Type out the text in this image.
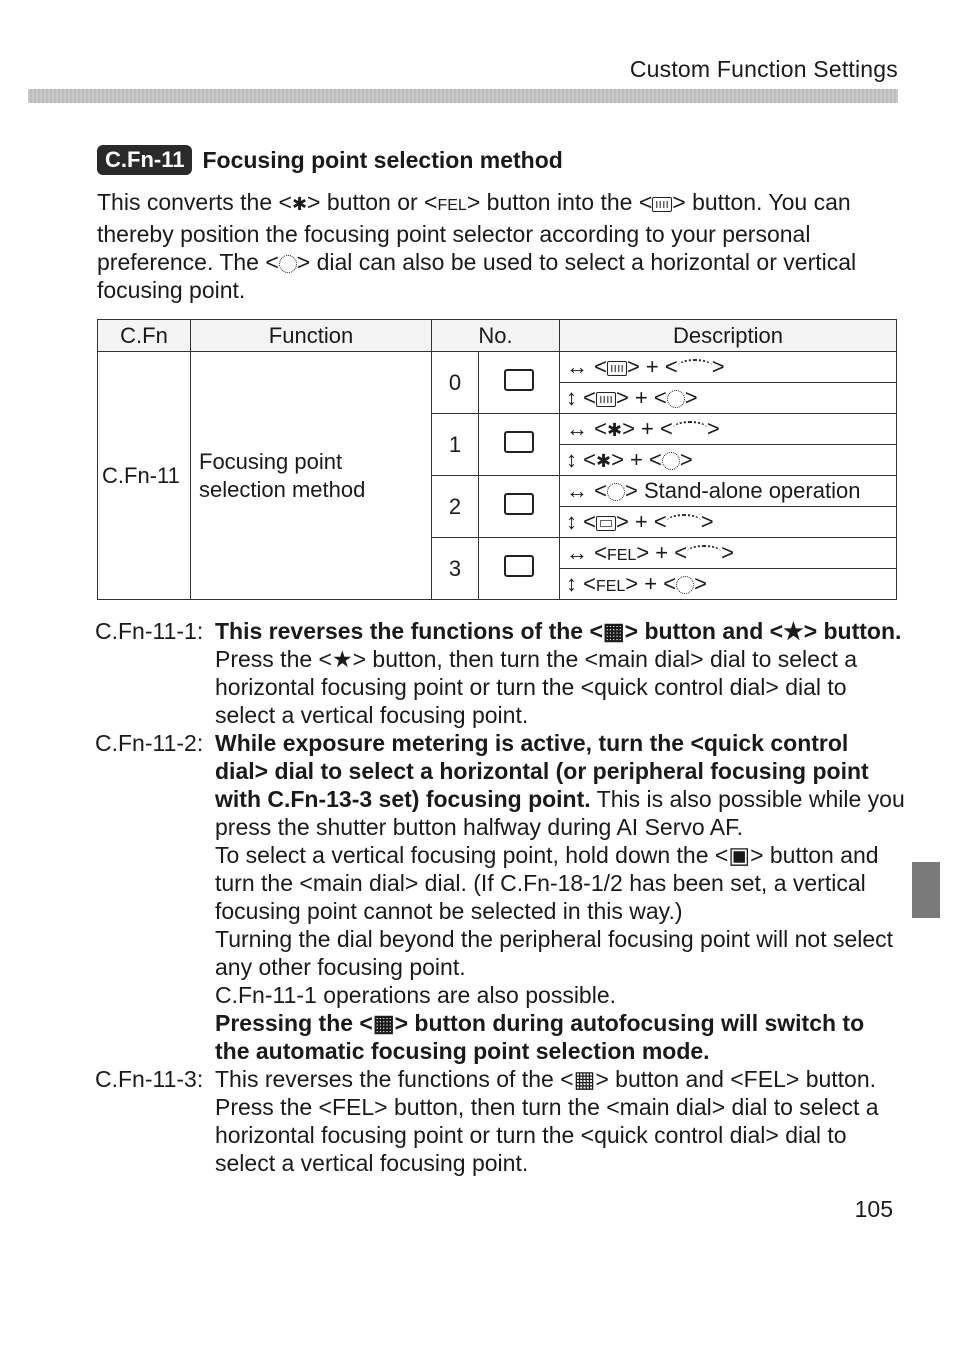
Custom Function Settings
C.Fn-11 Focusing point selection method
This converts the <✱> button or <FEL> button into the < > button. You can thereby position the focusing point selector according to your personal preference. The < > dial can also be used to select a horizontal or vertical focusing point.
C.Fn	Function	No.		Description
C.Fn-11	Focusing point selection method	0		↔ < > + < >
				↕ < > + < >
		1		↔ <✱> + < >
				↕ <✱> + < >
		2		↔ < > Stand-alone operation
				↕ < > + < >
		3		↔ <FEL> + < >
				↕ <FEL> + < >
C.Fn-11-1: This reverses the functions of the <▦> button and <★> button. Press the <★> button, then turn the <main dial> dial to select a horizontal focusing point or turn the <quick control dial> dial to select a vertical focusing point.
C.Fn-11-2: While exposure metering is active, turn the <quick control dial> dial to select a horizontal (or peripheral focusing point with C.Fn-13-3 set) focusing point. This is also possible while you press the shutter button halfway during AI Servo AF.
To select a vertical focusing point, hold down the <▣> button and turn the <main dial> dial. (If C.Fn-18-1/2 has been set, a vertical focusing point cannot be selected in this way.)
Turning the dial beyond the peripheral focusing point will not select any other focusing point.
C.Fn-11-1 operations are also possible.
Pressing the <▦> button during autofocusing will switch to the automatic focusing point selection mode.
C.Fn-11-3: This reverses the functions of the <▦> button and <FEL> button. Press the <FEL> button, then turn the <main dial> dial to select a horizontal focusing point or turn the <quick control dial> dial to select a vertical focusing point.
105
